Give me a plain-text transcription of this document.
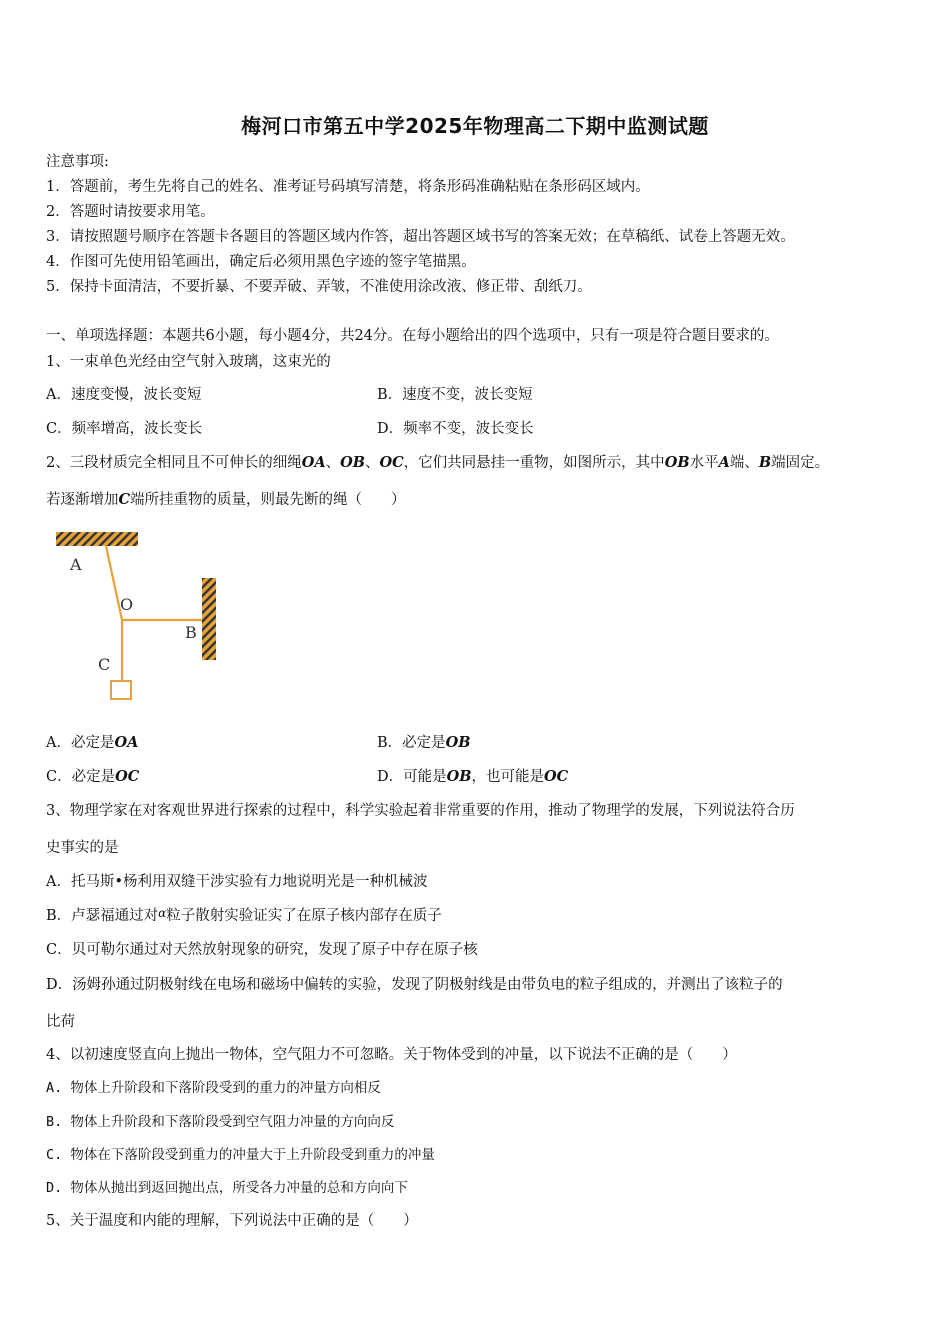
梅河口市第五中学2025年物理高二下期中监测试题
注意事项:
1．答题前，考生先将自己的姓名、准考证号码填写清楚，将条形码准确粘贴在条形码区域内。
2．答题时请按要求用笔。
3．请按照题号顺序在答题卡各题目的答题区域内作答，超出答题区域书写的答案无效；在草稿纸、试卷上答题无效。
4．作图可先使用铅笔画出，确定后必须用黑色字迹的签字笔描黑。
5．保持卡面清洁，不要折暴、不要弄破、弄皱，不准使用涂改液、修正带、刮纸刀。
一、单项选择题：本题共6小题，每小题4分，共24分。在每小题给出的四个选项中，只有一项是符合题目要求的。
1、一束单色光经由空气射入玻璃，这束光的
A．速度变慢，波长变短	B．速度不变，波长变短
C．频率增高，波长变长	D．频率不变，波长变长
2、三段材质完全相同且不可伸长的细绳OA、OB、OC，它们共同悬挂一重物，如图所示，其中OB水平A端、B端固定。
若逐渐增加C端所挂重物的质量，则最先断的绳（　　）
A
O
B
C
A．必定是OA	B．必定是OB
C．必定是OC	D．可能是OB，也可能是OC
3、物理学家在对客观世界进行探索的过程中，科学实验起着非常重要的作用，推动了物理学的发展，下列说法符合历
史事实的是
A．托马斯•杨利用双缝干涉实验有力地说明光是一种机械波
B．卢瑟福通过对$^\alpha$粒子散射实验证实了在原子核内部存在质子
C．贝可勒尔通过对天然放射现象的研究，发现了原子中存在原子核
D．汤姆孙通过阴极射线在电场和磁场中偏转的实验，发现了阴极射线是由带负电的粒子组成的，并测出了该粒子的
比荷
4、以初速度竖直向上抛出一物体，空气阻力不可忽略。关于物体受到的冲量，以下说法不正确的是（　　）
A. 物体上升阶段和下落阶段受到的重力的冲量方向相反
B. 物体上升阶段和下落阶段受到空气阻力冲量的方向向反
C. 物体在下落阶段受到重力的冲量大于上升阶段受到重力的冲量
D. 物体从抛出到返回抛出点，所受各力冲量的总和方向向下
5、关于温度和内能的理解，下列说法中正确的是（　　）
